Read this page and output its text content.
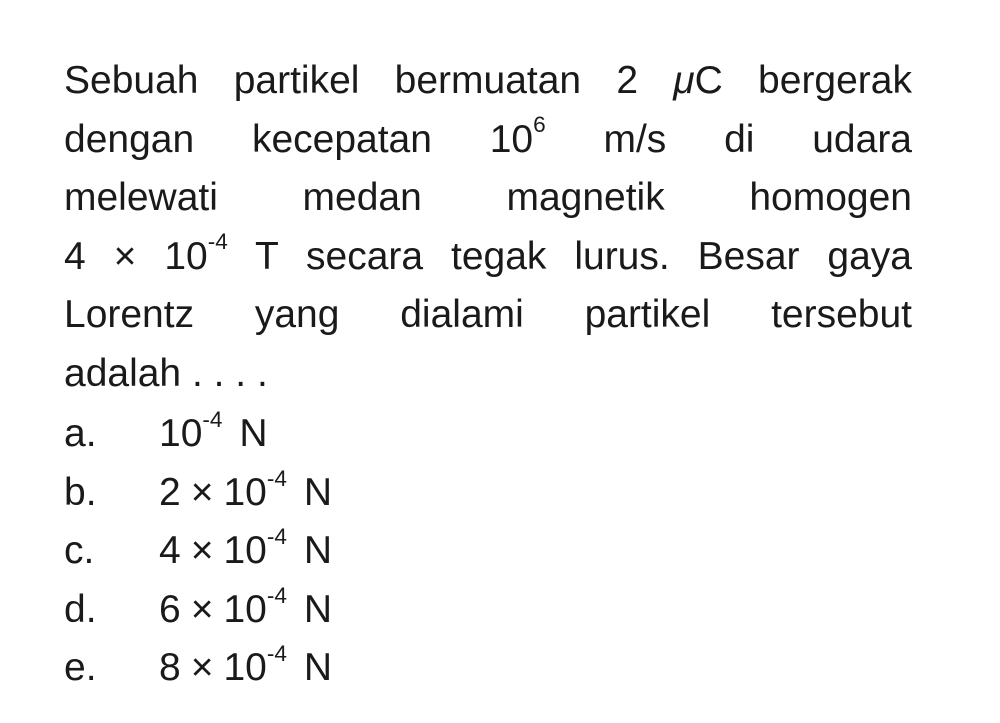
Sebuah partikel bermuatan 2 μC bergerak
dengan kecepatan $10^6$ m/s di udara
melewati medan magnetik homogen
$4 \times 10^{-4}$ T secara tegak lurus. Besar gaya
Lorentz yang dialami partikel tersebut
adalah . . . .
a.	$10^{-4}$ N
b.	$2 \times 10^{-4}$ N
c.	$4 \times 10^{-4}$ N
d.	$6 \times 10^{-4}$ N
e.	$8 \times 10^{-4}$ N
